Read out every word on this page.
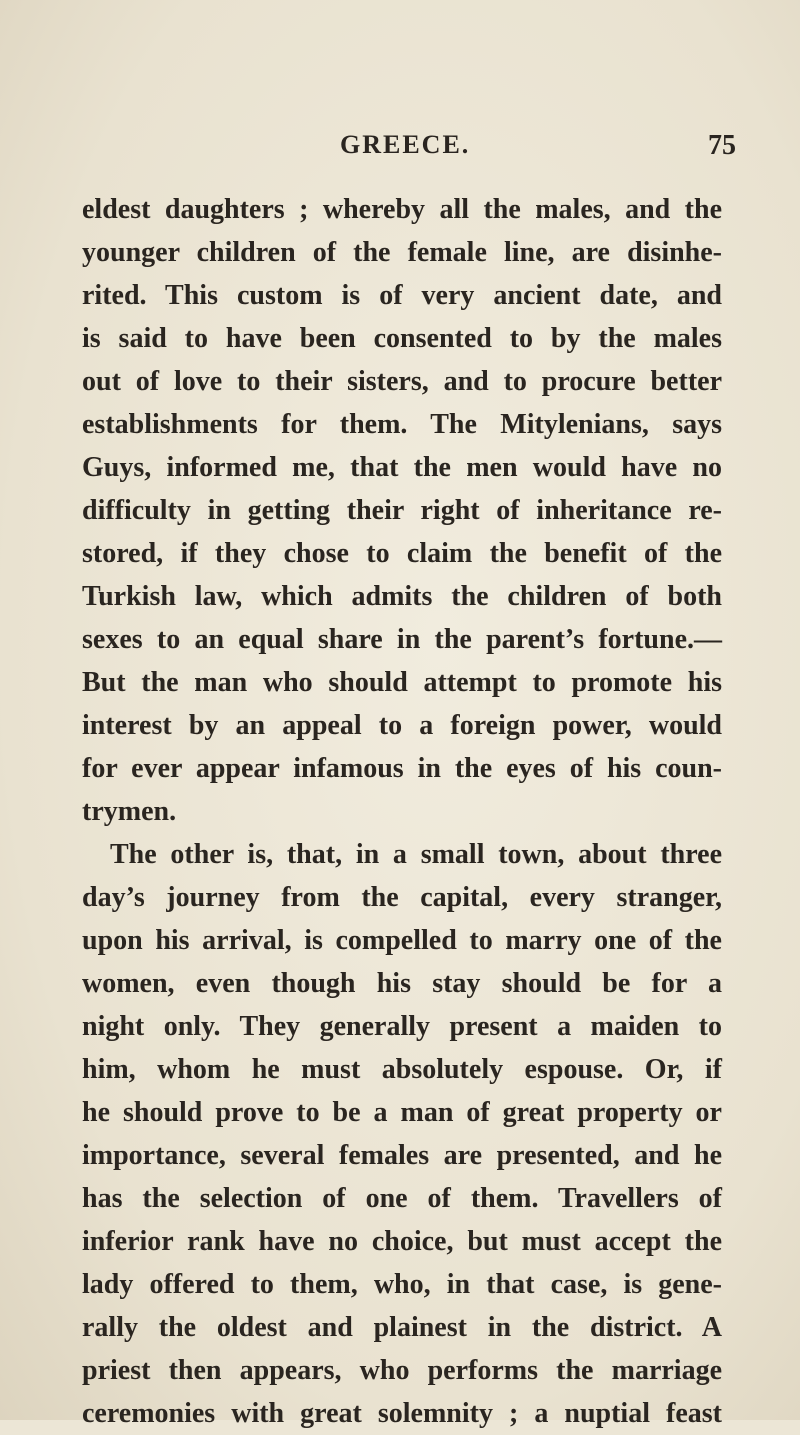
GREECE.	75
eldest daughters ; whereby all the males, and the
younger children of the female line, are disinhe-
rited. This custom is of very ancient date, and
is said to have been consented to by the males
out of love to their sisters, and to procure better
establishments for them. The Mitylenians, says
Guys, informed me, that the men would have no
difficulty in getting their right of inheritance re-
stored, if they chose to claim the benefit of the
Turkish law, which admits the children of both
sexes to an equal share in the parent’s fortune.—
But the man who should attempt to promote his
interest by an appeal to a foreign power, would
for ever appear infamous in the eyes of his coun-
trymen.
The other is, that, in a small town, about three
day’s journey from the capital, every stranger,
upon his arrival, is compelled to marry one of the
women, even though his stay should be for a
night only. They generally present a maiden to
him, whom he must absolutely espouse. Or, if
he should prove to be a man of great property or
importance, several females are presented, and he
has the selection of one of them. Travellers of
inferior rank have no choice, but must accept the
lady offered to them, who, in that case, is gene-
rally the oldest and plainest in the district. A
priest then appears, who performs the marriage
ceremonies with great solemnity ; a nuptial feast
